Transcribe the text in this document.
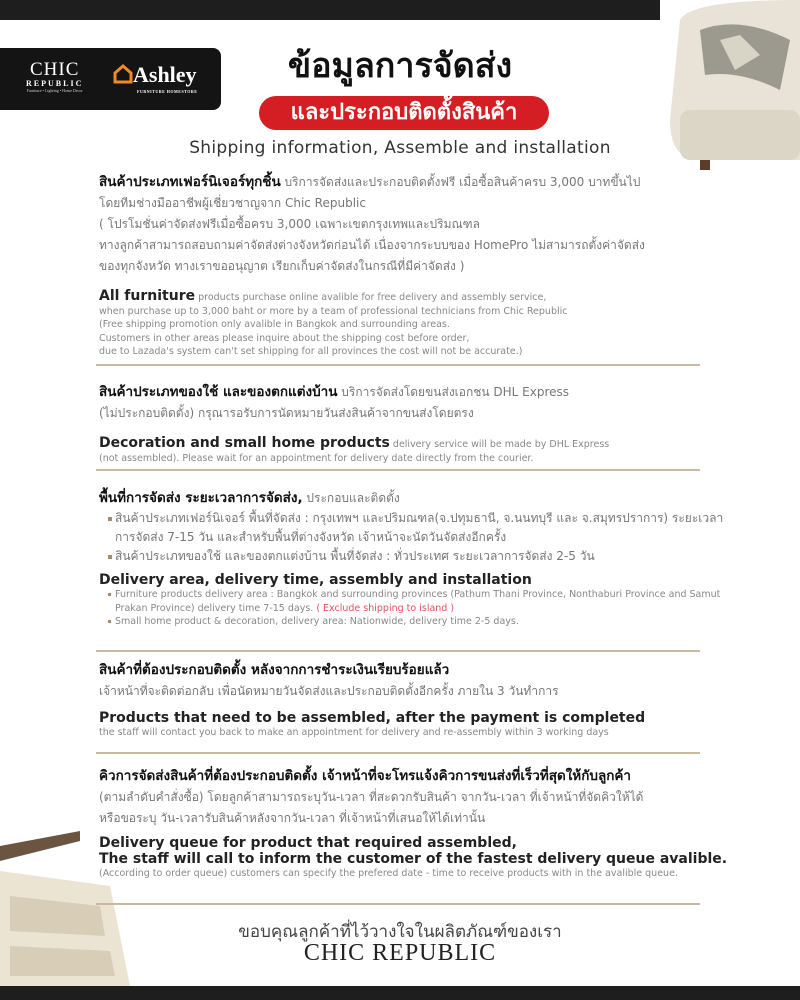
CHIC
REPUBLIC
Furniture • Lighting • Home Decor
Ashley
FURNITURE HOMESTORE
ข้อมูลการจัดส่ง
และประกอบติดตั้งสินค้า
Shipping information, Assemble and installation
สินค้าประเภทเฟอร์นิเจอร์ทุกชิ้น บริการจัดส่งและประกอบติดตั้งฟรี เมื่อซื้อสินค้าครบ 3,000 บาทขึ้นไป
โดยทีมช่างมืออาชีพผู้เชี่ยวชาญจาก Chic Republic
( โปรโมชั่นค่าจัดส่งฟรีเมื่อซื้อครบ 3,000 เฉพาะเขตกรุงเทพและปริมณฑล
ทางลูกค้าสามารถสอบถามค่าจัดส่งต่างจังหวัดก่อนได้ เนื่องจากระบบของ HomePro ไม่สามารถตั้งค่าจัดส่ง
ของทุกจังหวัด ทางเราขออนุญาต เรียกเก็บค่าจัดส่งในกรณีที่มีค่าจัดส่ง )
All furniture products purchase online avalible for free delivery and assembly service,
when purchase up to 3,000 baht or more by a team of professional technicians from Chic Republic
(Free shipping promotion only avalible in Bangkok and surrounding areas.
Customers in other areas please inquire about the shipping cost before order,
due to Lazada's system can't set shipping for all provinces the cost will not be accurate.)
สินค้าประเภทของใช้ และของตกแต่งบ้าน บริการจัดส่งโดยขนส่งเอกชน DHL Express
(ไม่ประกอบติดตั้ง) กรุณารอรับการนัดหมายวันส่งสินค้าจากขนส่งโดยตรง
Decoration and small home products delivery service will be made by DHL Express
(not assembled). Please wait for an appointment for delivery date directly from the courier.
พื้นที่การจัดส่ง ระยะเวลาการจัดส่ง, ประกอบและติดตั้ง
สินค้าประเภทเฟอร์นิเจอร์ พื้นที่จัดส่ง : กรุงเทพฯ และปริมณฑล(จ.ปทุมธานี, จ.นนทบุรี และ จ.สมุทรปราการ) ระยะเวลาการจัดส่ง 7-15 วัน และสำหรับพื้นที่ต่างจังหวัด เจ้าหน้าจะนัดวันจัดส่งอีกครั้ง
สินค้าประเภทของใช้ และของตกแต่งบ้าน พื้นที่จัดส่ง : ทั่วประเทศ ระยะเวลาการจัดส่ง 2-5 วัน
Delivery area, delivery time, assembly and installation
Furniture products delivery area : Bangkok and surrounding provinces (Pathum Thani Province, Nonthaburi Province and Samut Prakan Province) delivery time 7-15 days. ( Exclude shipping to island )
Small home product & decoration, delivery area: Nationwide, delivery time 2-5 days.
สินค้าที่ต้องประกอบติดตั้ง หลังจากการชำระเงินเรียบร้อยแล้ว
เจ้าหน้าที่จะติดต่อกลับ เพื่อนัดหมายวันจัดส่งและประกอบติดตั้งอีกครั้ง ภายใน 3 วันทำการ
Products that need to be assembled, after the payment is completed
the staff will contact you back to make an appointment for delivery and re-assembly within 3 working days
คิวการจัดส่งสินค้าที่ต้องประกอบติดตั้ง เจ้าหน้าที่จะโทรแจ้งคิวการขนส่งที่เร็วที่สุดให้กับลูกค้า
(ตามลำดับคำสั่งซื้อ) โดยลูกค้าสามารถระบุวัน-เวลา ที่สะดวกรับสินค้า จากวัน-เวลา ที่เจ้าหน้าที่จัดคิวให้ได้
หรือขอระบุ วัน-เวลารับสินค้าหลังจากวัน-เวลา ที่เจ้าหน้าที่เสนอให้ได้เท่านั้น
Delivery queue for product that required assembled,
The staff will call to inform the customer of the fastest delivery queue avalible.
(According to order queue) customers can specify the prefered date - time to receive products with in the avalible queue.
ขอบคุณลูกค้าที่ไว้วางใจในผลิตภัณฑ์ของเรา
CHIC REPUBLIC
